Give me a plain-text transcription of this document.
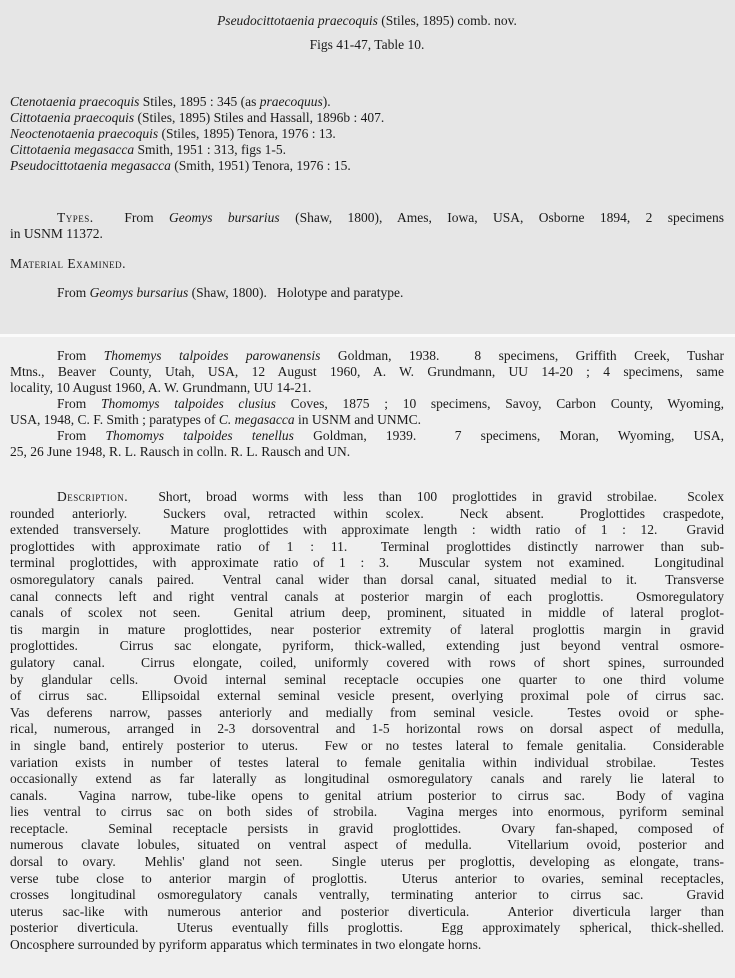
Pseudocittotaenia praecoquis (Stiles, 1895) comb. nov.
Figs 41-47, Table 10.
Ctenotaenia praecoquis Stiles, 1895 : 345 (as praecoquus).
Cittotaenia praecoquis (Stiles, 1895) Stiles and Hassall, 1896b : 407.
Neoctenotaenia praecoquis (Stiles, 1895) Tenora, 1976 : 13.
Cittotaenia megasacca Smith, 1951 : 313, figs 1-5.
Pseudocittotaenia megasacca (Smith, 1951) Tenora, 1976 : 15.
Types.  From Geomys bursarius (Shaw, 1800), Ames, Iowa, USA, Osborne 1894, 2 specimens
in USNM 11372.
Material Examined.
From Geomys bursarius (Shaw, 1800).   Holotype and paratype.
From Thomemys talpoides parowanensis Goldman, 1938.  8 specimens, Griffith Creek, Tushar
Mtns., Beaver County, Utah, USA, 12 August 1960, A. W. Grundmann, UU 14-20 ; 4 specimens, same
locality, 10 August 1960, A. W. Grundmann, UU 14-21.
From Thomomys talpoides clusius Coves, 1875 ; 10 specimens, Savoy, Carbon County, Wyoming,
USA, 1948, C. F. Smith ; paratypes of C. megasacca in USNM and UNMC.
From Thomomys talpoides tenellus Goldman, 1939.  7 specimens, Moran, Wyoming, USA,
25, 26 June 1948, R. L. Rausch in colln. R. L. Rausch and UN.
Description.  Short, broad worms with less than 100 proglottides in gravid strobilae.  Scolex
rounded anteriorly.  Suckers oval, retracted within scolex.  Neck absent.  Proglottides craspedote,
extended transversely.  Mature proglottides with approximate length : width ratio of 1 : 12.  Gravid
proglottides with approximate ratio of 1 : 11.  Terminal proglottides distinctly narrower than sub-
terminal proglottides, with approximate ratio of 1 : 3.  Muscular system not examined.  Longitudinal
osmoregulatory canals paired.  Ventral canal wider than dorsal canal, situated medial to it.  Transverse
canal connects left and right ventral canals at posterior margin of each proglottis.  Osmoregulatory
canals of scolex not seen.  Genital atrium deep, prominent, situated in middle of lateral proglot-
tis margin in mature proglottides, near posterior extremity of lateral proglottis margin in gravid
proglottides.  Cirrus sac elongate, pyriform, thick-walled, extending just beyond ventral osmore-
gulatory canal.  Cirrus elongate, coiled, uniformly covered with rows of short spines, surrounded
by glandular cells.  Ovoid internal seminal receptacle occupies one quarter to one third volume
of cirrus sac.  Ellipsoidal external seminal vesicle present, overlying proximal pole of cirrus sac.
Vas deferens narrow, passes anteriorly and medially from seminal vesicle.  Testes ovoid or sphe-
rical, numerous, arranged in 2-3 dorsoventral and 1-5 horizontal rows on dorsal aspect of medulla,
in single band, entirely posterior to uterus.  Few or no testes lateral to female genitalia.  Considerable
variation exists in number of testes lateral to female genitalia within individual strobilae.  Testes
occasionally extend as far laterally as longitudinal osmoregulatory canals and rarely lie lateral to
canals.  Vagina narrow, tube-like opens to genital atrium posterior to cirrus sac.  Body of vagina
lies ventral to cirrus sac on both sides of strobila.  Vagina merges into enormous, pyriform seminal
receptacle.  Seminal receptacle persists in gravid proglottides.  Ovary fan-shaped, composed of
numerous clavate lobules, situated on ventral aspect of medulla.  Vitellarium ovoid, posterior and
dorsal to ovary.  Mehlis' gland not seen.  Single uterus per proglottis, developing as elongate, trans-
verse tube close to anterior margin of proglottis.  Uterus anterior to ovaries, seminal receptacles,
crosses longitudinal osmoregulatory canals ventrally, terminating anterior to cirrus sac.  Gravid
uterus sac-like with numerous anterior and posterior diverticula.  Anterior diverticula larger than
posterior diverticula.  Uterus eventually fills proglottis.  Egg approximately spherical, thick-shelled.
Oncosphere surrounded by pyriform apparatus which terminates in two elongate horns.
